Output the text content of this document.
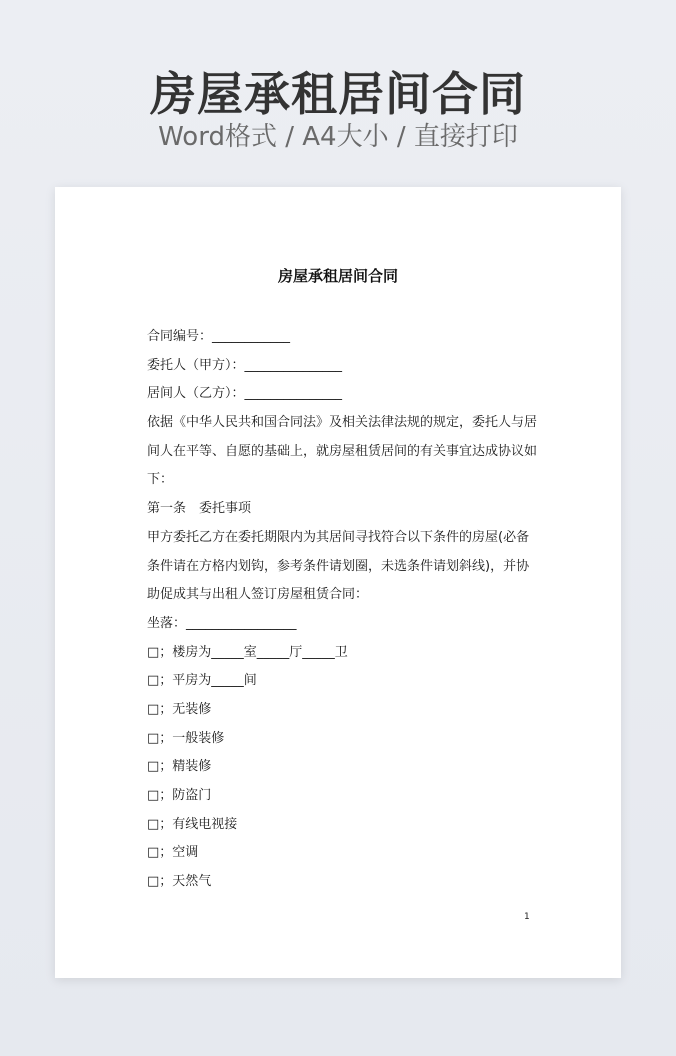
房屋承租居间合同
Word格式 / A4大小 / 直接打印
房屋承租居间合同
合同编号：____________
委托人（甲方）：_______________
居间人（乙方）：_______________
依据《中华人民共和国合同法》及相关法律法规的规定，委托人与居
间人在平等、自愿的基础上，就房屋租赁居间的有关事宜达成协议如
下：
第一条　委托事项
甲方委托乙方在委托期限内为其居间寻找符合以下条件的房屋(必备
条件请在方格内划钩，参考条件请划圈，未选条件请划斜线)，并协
助促成其与出租人签订房屋租赁合同：
坐落：_________________
□；楼房为_____室_____厅_____卫
□；平房为_____间
□；无装修
□；一般装修
□；精装修
□；防盗门
□；有线电视接
□；空调
□；天然气
1
